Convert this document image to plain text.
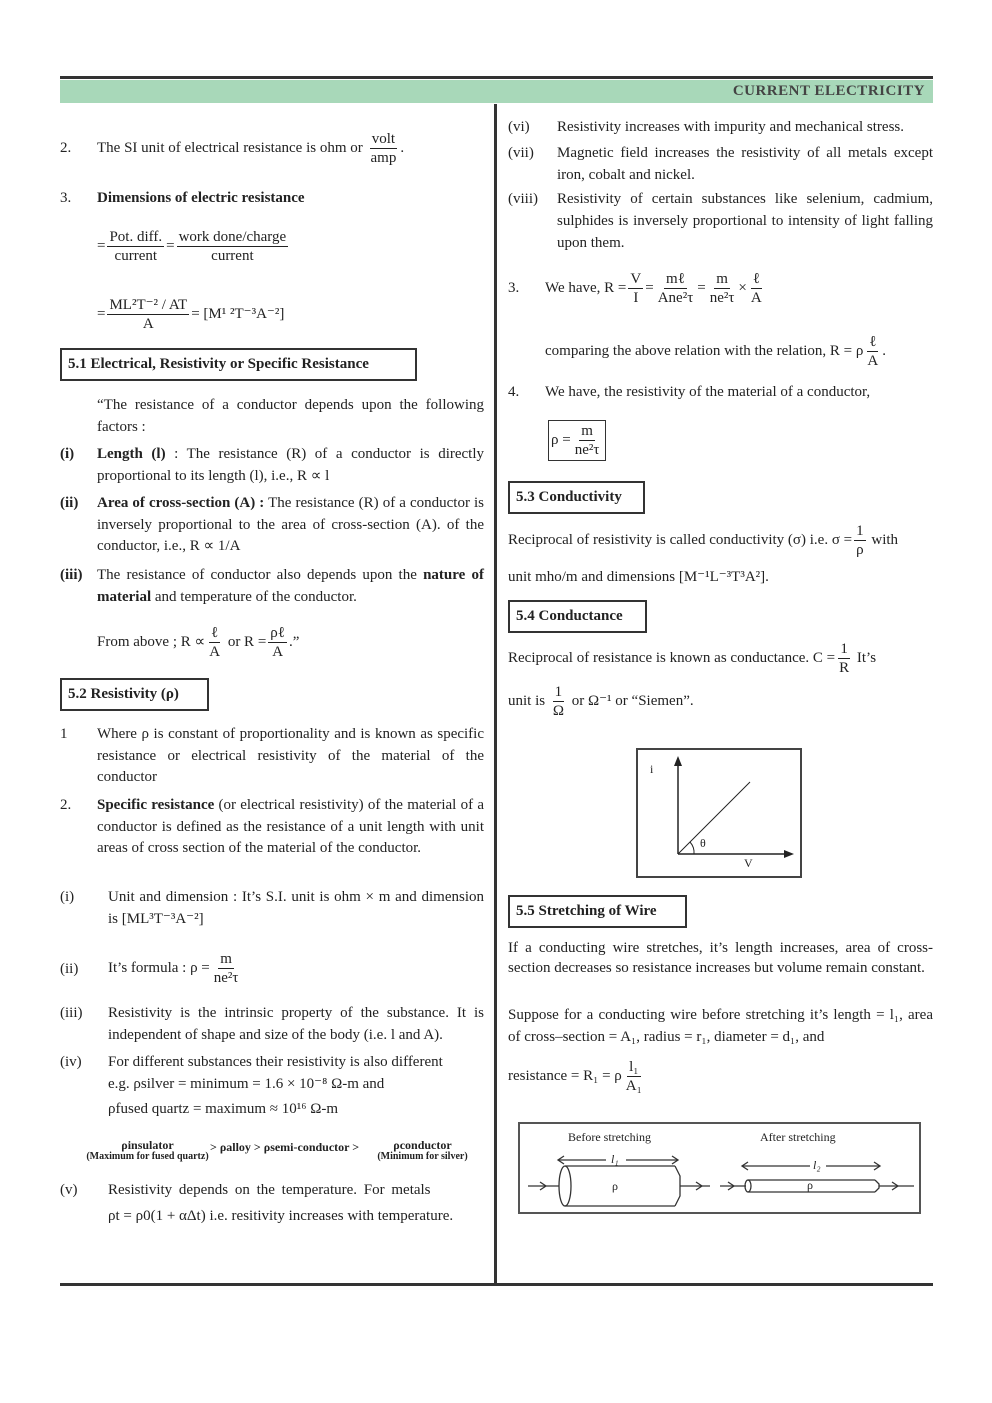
CURRENT ELECTRICITY
2. The SI unit of electrical resistance is ohm or $\frac{\text{volt}}{\text{amp}}$ .
3. Dimensions of electric resistance
= $\frac{\text{Pot. diff.}}{\text{current}} = \frac{\text{work done/charge}}{\text{current}}$
= $\frac{\text{ML²T⁻² / AT}}{A} = [M^1$ ²T⁻³A⁻²]
5.1 Electrical, Resistivity or Specific Resistance
“The resistance of a conductor depends upon the following factors :
(i) Length (l) : The resistance (R) of a conductor is directly proportional to its length (l), i.e., R ∝ l
(ii) Area of cross-section (A) : The resistance (R) of a conductor is inversely proportional to the area of cross-section (A). of the conductor, i.e., R ∝ 1/A
(iii) The resistance of conductor also depends upon the nature of material and temperature of the conductor.
From above ; $R \propto \frac{\text{ℓ}}{A}$ or $R = \frac{\text{ρℓ}}{A}$ .”
5.2 Resistivity (ρ)
1 Where ρ is constant of proportionality and is known as specific resistance or electrical resistivity of the material of the conductor
2. Specific resistance (or electrical resistivity) of the material of a conductor is defined as the resistance of a unit length with unit areas of cross section of the material of the conductor.
(i) Unit and dimension : It’s S.I. unit is ohm × m and dimension is [ML³T⁻³A⁻²]
(ii) It’s formula : $\rho = \frac{m}{\text{ne²τ}}$
(iii) Resistivity is the intrinsic property of the substance. It is independent of shape and size of the body (i.e. l and A).
(iv) For different substances their resistivity is also different
e.g. ρsilver = minimum = 1.6 × 10⁻⁸ Ω-m and
ρfused quartz = maximum ≈ 10¹⁶ Ω-m
ρinsulator
(Maximum for fused quartz)
> ρalloy > ρsemi-conductor >	ρconductor
(Minimum for silver)
(v) Resistivity depends on the temperature. For metals
ρt = ρ0(1 + αΔt) i.e. resitivity increases with temperature.
(vi) Resistivity increases with impurity and mechanical stress.
(vii) Magnetic field increases the resistivity of all metals except iron, cobalt and nickel.
(viii) Resistivity of certain substances like selenium, cadmium, sulphides is inversely proportional to intensity of light falling upon them.
3. We have, $R = \frac{V}{I} = \frac{\text{mℓ}}{\text{Ane²τ}} = \frac{m}{\text{ne²τ}} \times \frac{\text{ℓ}}{A}$
comparing the above relation with the relation, R = ρ $\frac{\text{ℓ}}{A}$ .
4. We have, the resistivity of the material of a conductor,
$\rho = \frac{m}{\text{ne²τ}}$
5.3 Conductivity
Reciprocal of resistivity is called conductivity (σ) i.e. $\sigma = \frac{1}{\rho}$ with
unit mho/m and dimensions [M⁻¹L⁻³T³A²].
5.4 Conductance
Reciprocal of resistance is known as conductance. $C = \frac{1}{R}$ It’s
unit is $\frac{1}{\Omega}$ or Ω⁻¹ or “Siemen”.
i
θ
V
5.5 Stretching of Wire
If a conducting wire stretches, it’s length increases, area of cross-section decreases so resistance increases but volume remain constant.
Suppose for a conducting wire before stretching it’s length = l₁, area of cross–section = A₁, radius = r₁, diameter = d₁, and
resistance = R₁ = ρ $\frac{\text{l₁}}{\text{A₁}}$
Before stretching	After stretching
l₁	l₂
ρ	ρ
